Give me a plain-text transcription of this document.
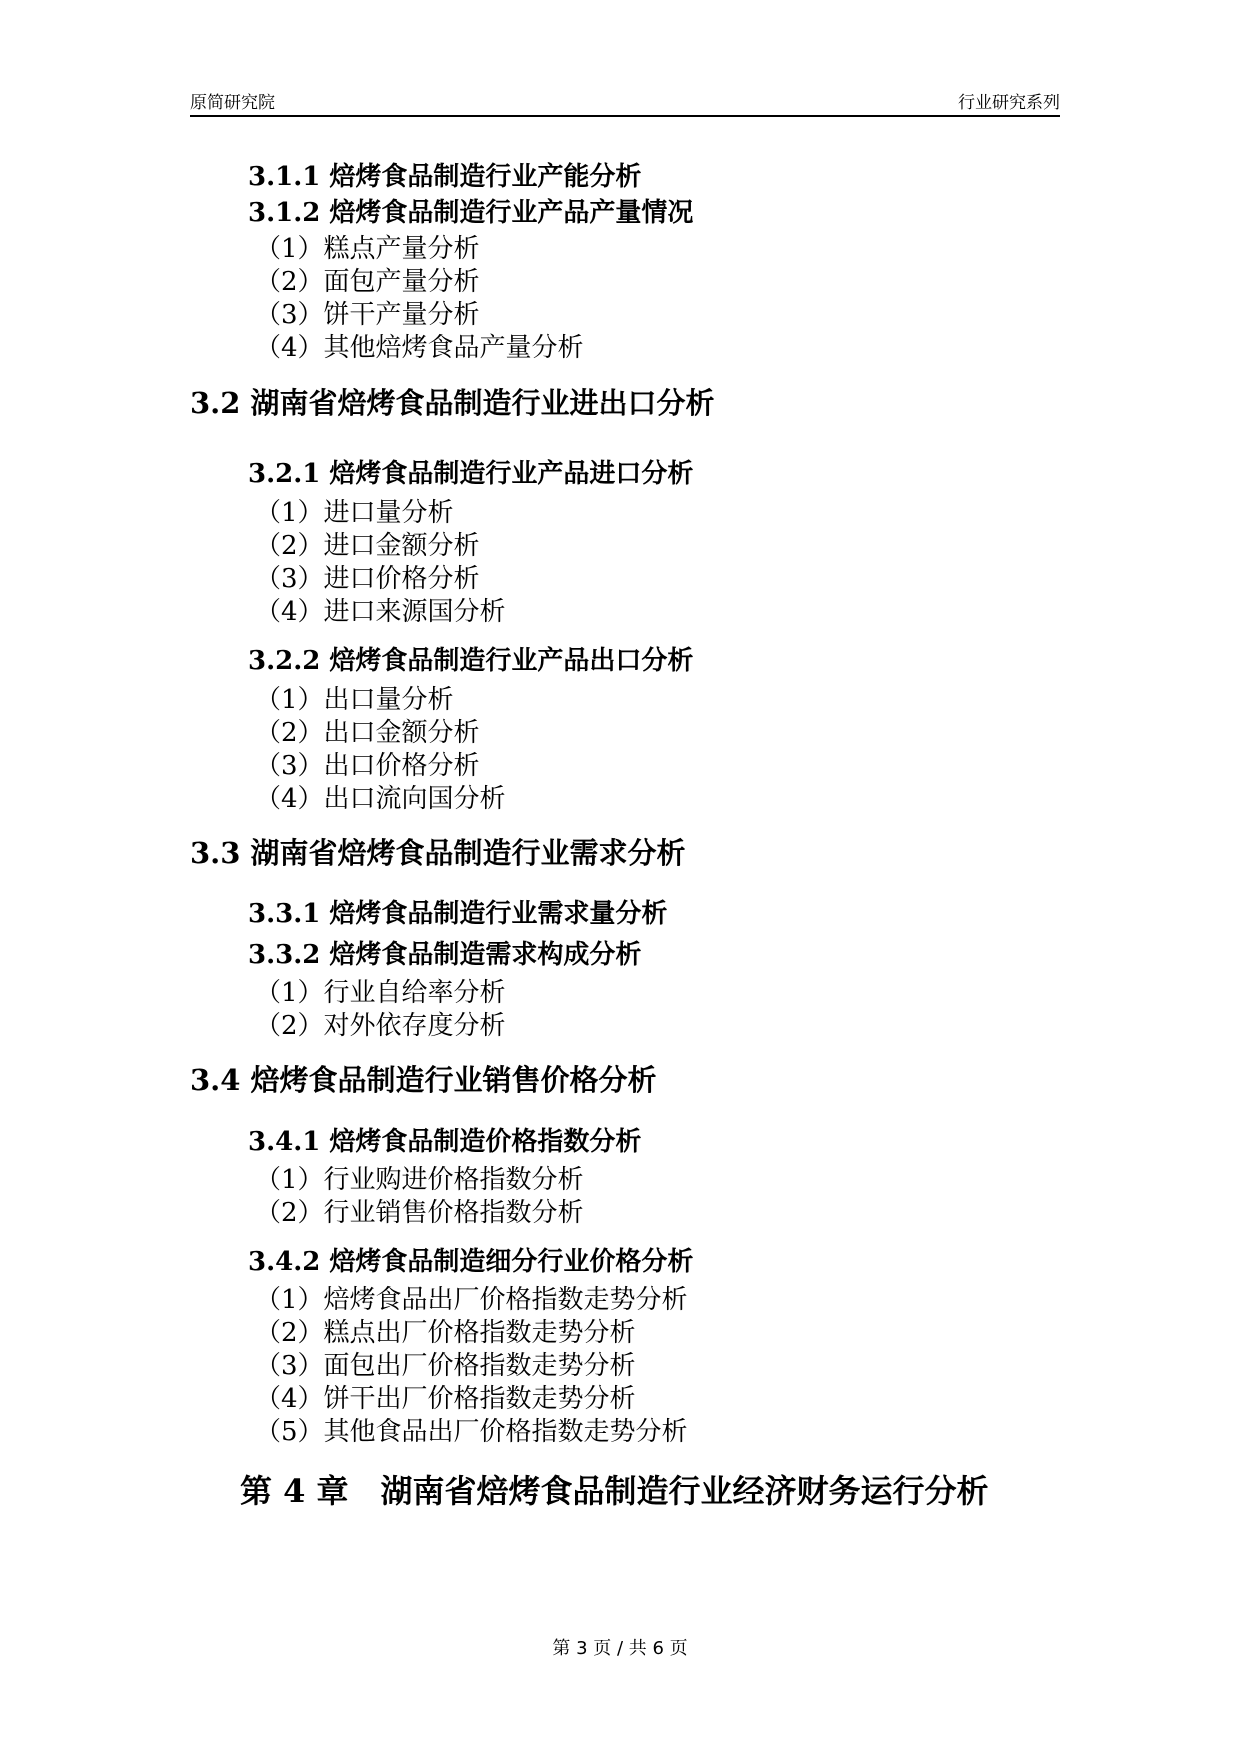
原简研究院	行业研究系列
3.1.1 焙烤食品制造行业产能分析
3.1.2 焙烤食品制造行业产品产量情况
（1）糕点产量分析
（2）面包产量分析
（3）饼干产量分析
（4）其他焙烤食品产量分析
3.2 湖南省焙烤食品制造行业进出口分析
3.2.1 焙烤食品制造行业产品进口分析
（1）进口量分析
（2）进口金额分析
（3）进口价格分析
（4）进口来源国分析
3.2.2 焙烤食品制造行业产品出口分析
（1）出口量分析
（2）出口金额分析
（3）出口价格分析
（4）出口流向国分析
3.3 湖南省焙烤食品制造行业需求分析
3.3.1 焙烤食品制造行业需求量分析
3.3.2 焙烤食品制造需求构成分析
（1）行业自给率分析
（2）对外依存度分析
3.4 焙烤食品制造行业销售价格分析
3.4.1 焙烤食品制造价格指数分析
（1）行业购进价格指数分析
（2）行业销售价格指数分析
3.4.2 焙烤食品制造细分行业价格分析
（1）焙烤食品出厂价格指数走势分析
（2）糕点出厂价格指数走势分析
（3）面包出厂价格指数走势分析
（4）饼干出厂价格指数走势分析
（5）其他食品出厂价格指数走势分析
第 4 章　湖南省焙烤食品制造行业经济财务运行分析
第 3 页 / 共 6 页
